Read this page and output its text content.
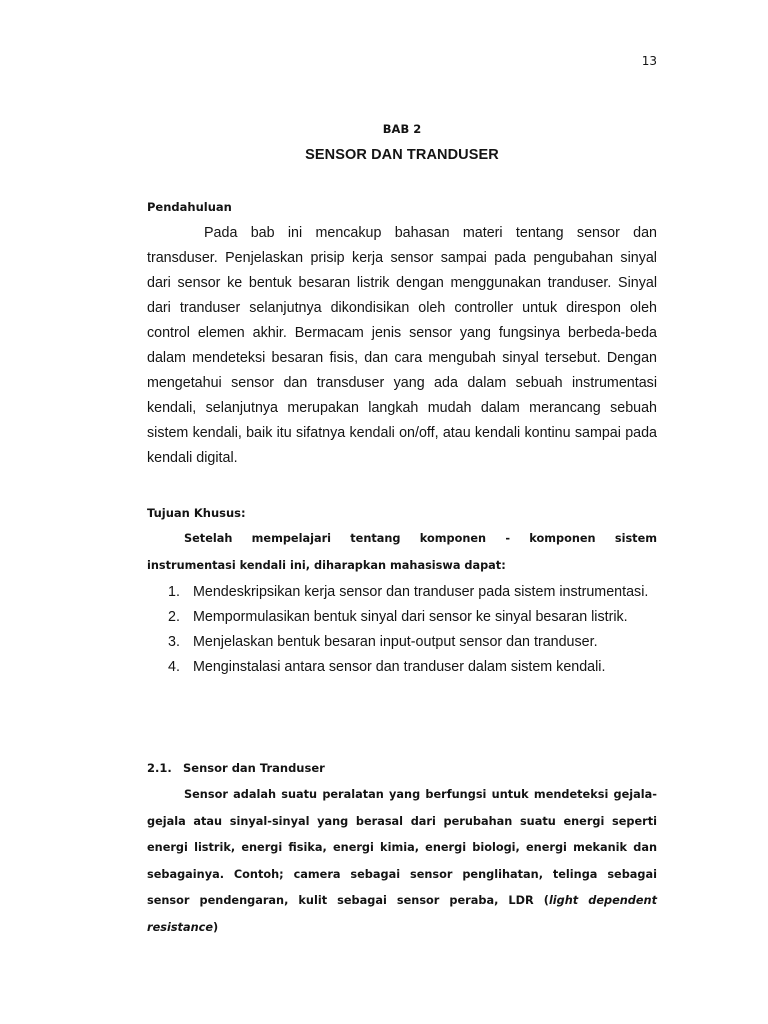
13
BAB 2
SENSOR DAN TRANDUSER
Pendahuluan

Pada bab ini mencakup bahasan materi tentang sensor dan transduser. Penjelaskan prisip kerja sensor sampai pada pengubahan sinyal dari sensor ke bentuk besaran listrik dengan menggunakan tranduser. Sinyal dari tranduser selanjutnya dikondisikan oleh controller untuk direspon oleh control elemen akhir. Bermacam jenis sensor yang fungsinya berbeda-beda dalam mendeteksi besaran fisis, dan cara mengubah sinyal tersebut. Dengan mengetahui sensor dan transduser yang ada dalam sebuah instrumentasi kendali, selanjutnya merupakan langkah mudah dalam merancang sebuah sistem kendali, baik itu sifatnya kendali on/off, atau kendali kontinu sampai pada kendali digital.

Tujuan Khusus:

Setelah mempelajari tentang komponen - komponen sistem instrumentasi kendali ini, diharapkan mahasiswa dapat:

1. Mendeskripsikan kerja sensor dan tranduser pada sistem instrumentasi.
2. Mempormulasikan bentuk sinyal dari sensor ke sinyal besaran listrik.
3. Menjelaskan bentuk besaran input-output sensor dan tranduser.
4. Menginstalasi antara sensor dan tranduser dalam sistem kendali.
2.1. Sensor dan Tranduser

Sensor adalah suatu peralatan yang berfungsi untuk mendeteksi gejala-gejala atau sinyal-sinyal yang berasal dari perubahan suatu energi seperti energi listrik, energi fisika, energi kimia, energi biologi, energi mekanik dan sebagainya. Contoh; camera sebagai sensor penglihatan, telinga sebagai sensor pendengaran, kulit sebagai sensor peraba, LDR (light dependent resistance)
